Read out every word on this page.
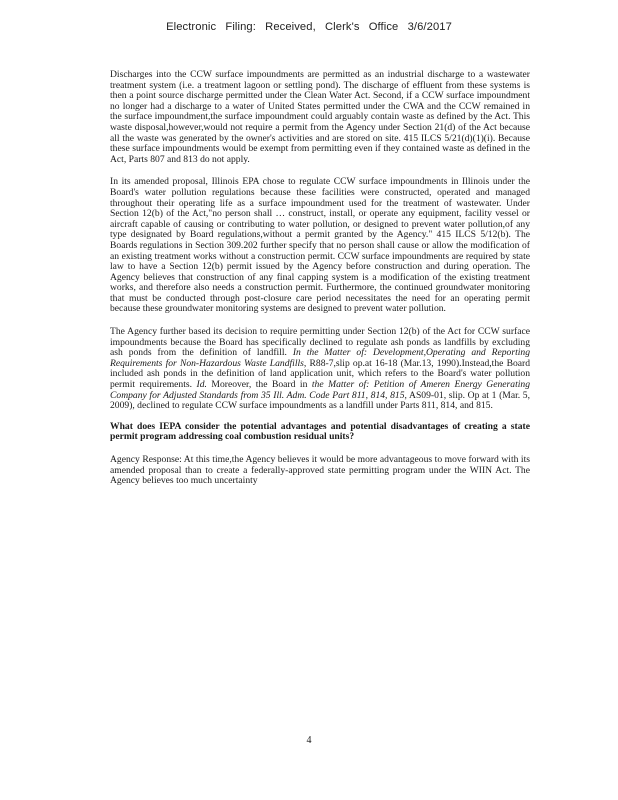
Electronic Filing: Received, Clerk's Office 3/6/2017

Discharges into the CCW surface impoundments are permitted as an industrial discharge to a wastewater treatment system (i.e. a treatment lagoon or settling pond). The discharge of effluent from these systems is then a point source discharge permitted under the Clean Water Act. Second, if a CCW surface impoundment no longer had a discharge to a water of United States permitted under the CWA and the CCW remained in the surface impoundment,the surface impoundment could arguably contain waste as defined by the Act. This waste disposal,however,would not require a permit from the Agency under Section 21(d) of the Act because all the waste was generated by the owner's activities and are stored on site. 415 ILCS 5/21(d)(1)(i). Because these surface impoundments would be exempt from permitting even if they contained waste as defined in the Act, Parts 807 and 813 do not apply.

In its amended proposal, Illinois EPA chose to regulate CCW surface impoundments in Illinois under the Board's water pollution regulations because these facilities were constructed, operated and managed throughout their operating life as a surface impoundment used for the treatment of wastewater. Under Section 12(b) of the Act,"no person shall … construct, install, or operate any equipment, facility vessel or aircraft capable of causing or contributing to water pollution, or designed to prevent water pollution,of any type designated by Board regulations,without a permit granted by the Agency." 415 ILCS 5/12(b). The Boards regulations in Section 309.202 further specify that no person shall cause or allow the modification of an existing treatment works without a construction permit. CCW surface impoundments are required by state law to have a Section 12(b) permit issued by the Agency before construction and during operation. The Agency believes that construction of any final capping system is a modification of the existing treatment works, and therefore also needs a construction permit. Furthermore, the continued groundwater monitoring that must be conducted through post-closure care period necessitates the need for an operating permit because these groundwater monitoring systems are designed to prevent water pollution.

The Agency further based its decision to require permitting under Section 12(b) of the Act for CCW surface impoundments because the Board has specifically declined to regulate ash ponds as landfills by excluding ash ponds from the definition of landfill. In the Matter of: Development,Operating and Reporting Requirements for Non-Hazardous Waste Landfills, R88-7,slip op.at 16-18 (Mar.13, 1990).Instead,the Board included ash ponds in the definition of land application unit, which refers to the Board's water pollution permit requirements. Id. Moreover, the Board in the Matter of: Petition of Ameren Energy Generating Company for Adjusted Standards from 35 Ill. Adm. Code Part 811, 814, 815, AS09-01, slip. Op at 1 (Mar. 5, 2009), declined to regulate CCW surface impoundments as a landfill under Parts 811, 814, and 815.

What does IEPA consider the potential advantages and potential disadvantages of creating a state permit program addressing coal combustion residual units?

Agency Response: At this time,the Agency believes it would be more advantageous to move forward with its amended proposal than to create a federally-approved state permitting program under the WIIN Act. The Agency believes too much uncertainty

4
